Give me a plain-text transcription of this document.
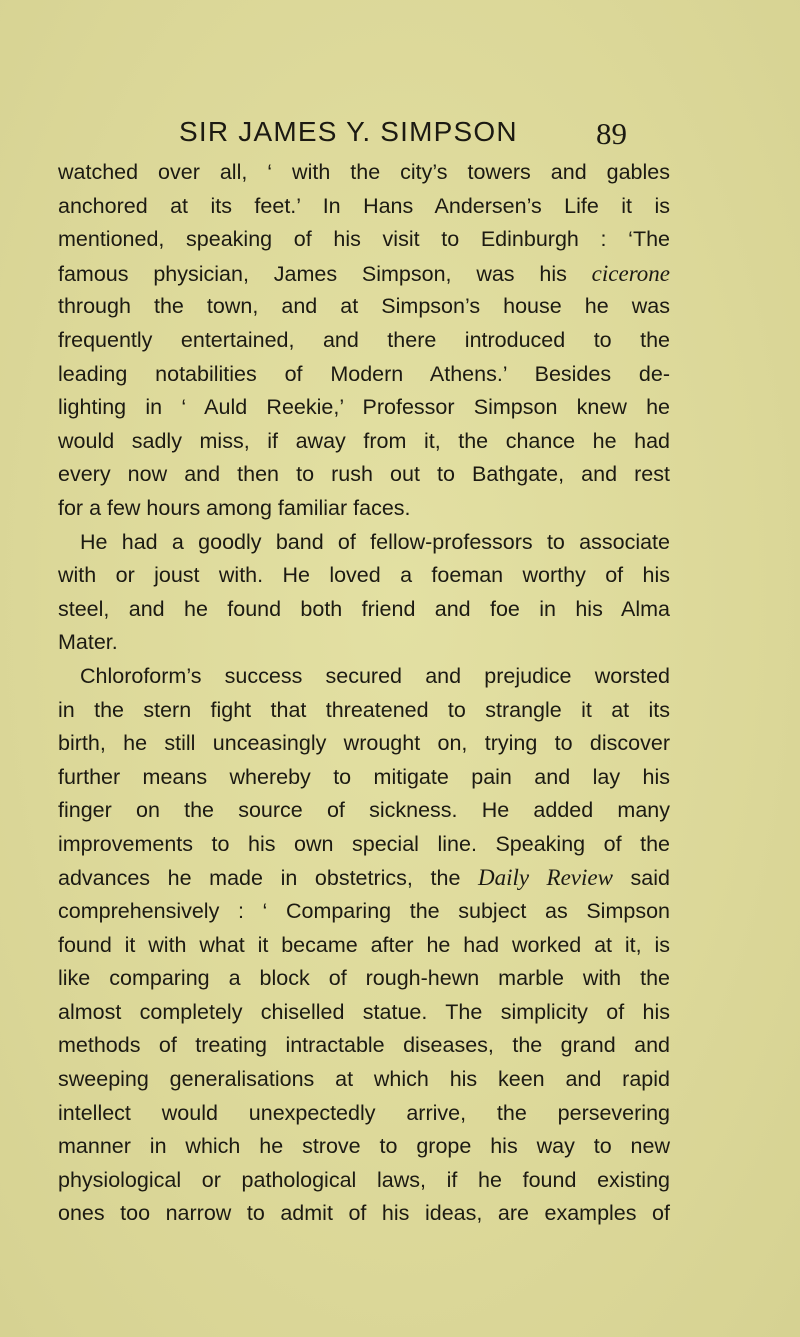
SIR JAMES Y. SIMPSON	89
watched over all, ‘ with the city’s towers and gables
anchored at its feet.’ In Hans Andersen’s Life it is
mentioned, speaking of his visit to Edinburgh : ‘The
famous physician, James Simpson, was his cicerone
through the town, and at Simpson’s house he was
frequently entertained, and there introduced to the
leading notabilities of Modern Athens.’ Besides de-
lighting in ‘ Auld Reekie,’ Professor Simpson knew he
would sadly miss, if away from it, the chance he had
every now and then to rush out to Bathgate, and rest
for a few hours among familiar faces.
He had a goodly band of fellow-professors to associate
with or joust with. He loved a foeman worthy of his
steel, and he found both friend and foe in his Alma
Mater.
Chloroform’s success secured and prejudice worsted
in the stern fight that threatened to strangle it at its
birth, he still unceasingly wrought on, trying to discover
further means whereby to mitigate pain and lay his
finger on the source of sickness. He added many
improvements to his own special line. Speaking of the
advances he made in obstetrics, the Daily Review said
comprehensively : ‘ Comparing the subject as Simpson
found it with what it became after he had worked at it, is
like comparing a block of rough-hewn marble with the
almost completely chiselled statue. The simplicity of his
methods of treating intractable diseases, the grand and
sweeping generalisations at which his keen and rapid
intellect would unexpectedly arrive, the persevering
manner in which he strove to grope his way to new
physiological or pathological laws, if he found existing
ones too narrow to admit of his ideas, are examples of
